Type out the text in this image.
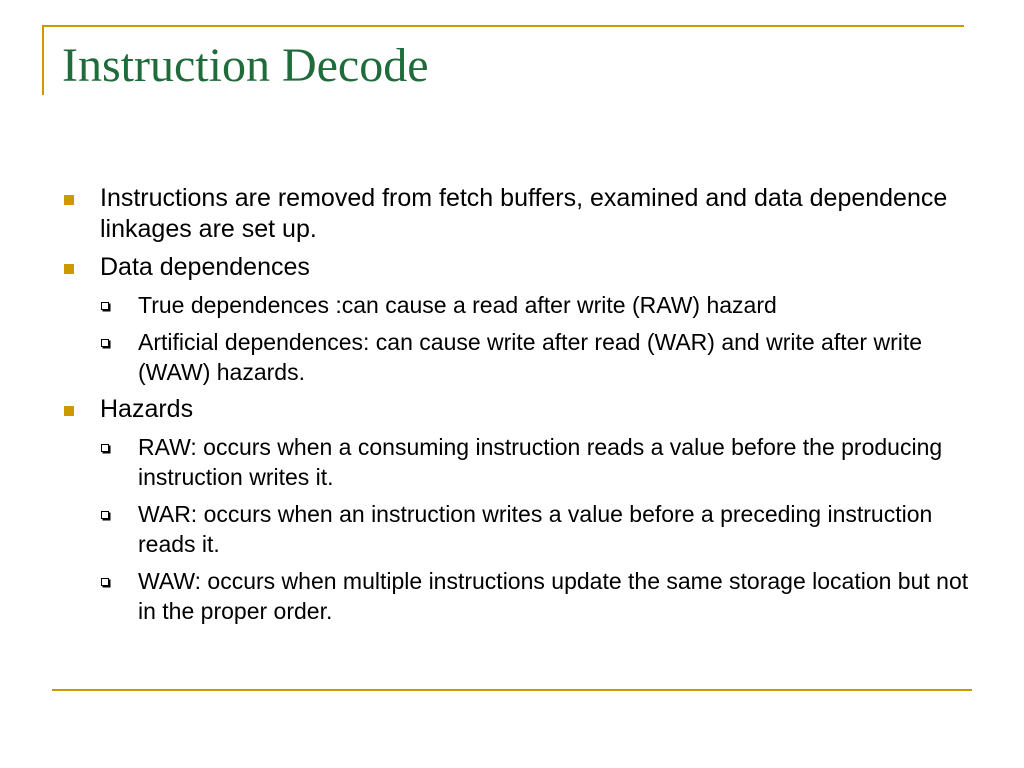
Instruction Decode
Instructions are removed from fetch buffers, examined and data dependence linkages are set up.
Data dependences
True dependences :can cause a read after write (RAW) hazard
Artificial dependences: can cause write after read (WAR) and write after write (WAW) hazards.
Hazards
RAW: occurs when a consuming instruction reads a value before the producing instruction writes it.
WAR: occurs when an instruction writes a value before a preceding instruction reads it.
WAW: occurs when multiple instructions update the same storage location but not in the proper order.
